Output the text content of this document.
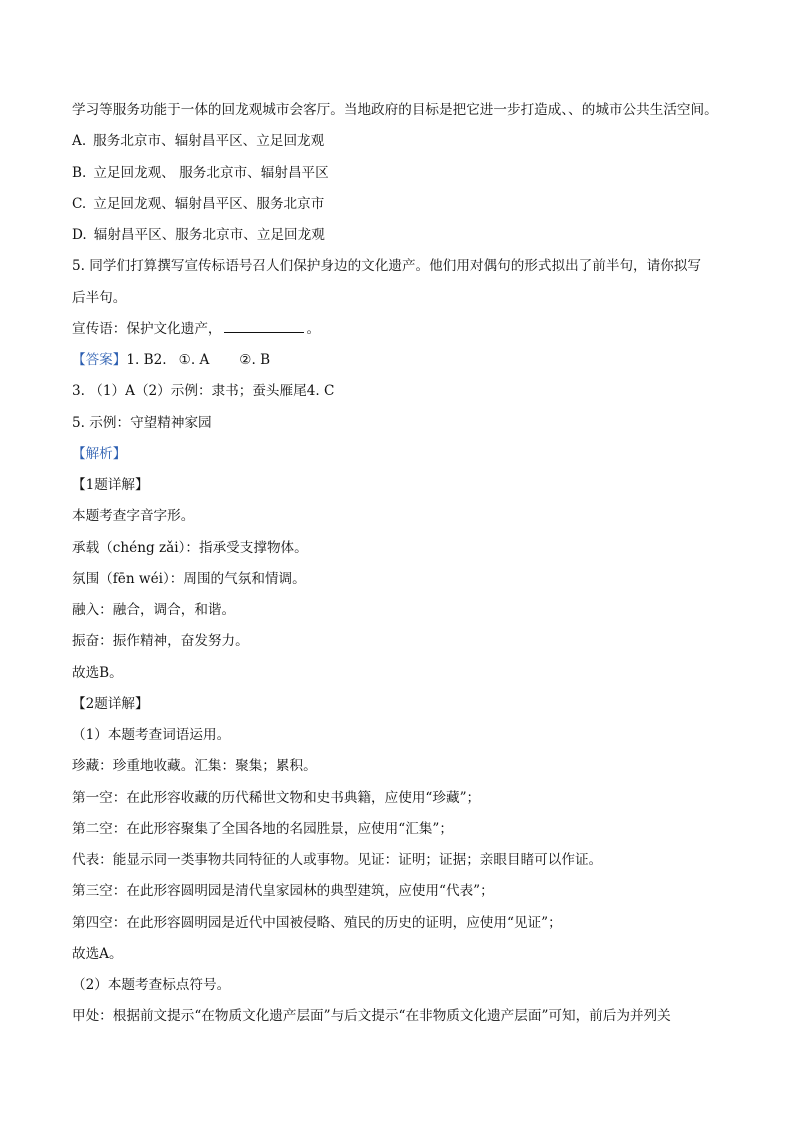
学习等服务功能于一体的回龙观城市会客厅。当地政府的目标是把它进一步打造成、、的城市公共生活空间。
A. 服务北京市、辐射昌平区、立足回龙观
B. 立足回龙观、 服务北京市、辐射昌平区
C. 立足回龙观、辐射昌平区、服务北京市
D. 辐射昌平区、服务北京市、立足回龙观
5. 同学们打算撰写宣传标语号召人们保护身边的文化遗产。他们用对偶句的形式拟出了前半句，请你拟写
后半句。
宣传语：保护文化遗产，	。
【答案】1. B2. ①. A ②. B
3. （1）A（2）示例：隶书；蚕头雁尾4. C
5. 示例：守望精神家园
【解析】
【1题详解】
本题考查字音字形。
承载（chéng zǎi）：指承受支撑物体。
氛围（fēn wéi）：周围的气氛和情调。
融入：融合，调合，和谐。
振奋：振作精神，奋发努力。
故选B。
【2题详解】
（1）本题考查词语运用。
珍藏：珍重地收藏。汇集：聚集；累积。
第一空：在此形容收藏的历代稀世文物和史书典籍，应使用“珍藏”；
第二空：在此形容聚集了全国各地的名园胜景，应使用“汇集”；
代表：能显示同一类事物共同特征的人或事物。见证：证明；证据；亲眼目睹可以作证。
第三空：在此形容圆明园是清代皇家园林的典型建筑，应使用“代表”；
第四空：在此形容圆明园是近代中国被侵略、殖民的历史的证明，应使用“见证”；
故选A。
（2）本题考查标点符号。
甲处：根据前文提示“在物质文化遗产层面”与后文提示“在非物质文化遗产层面”可知，前后为并列关
